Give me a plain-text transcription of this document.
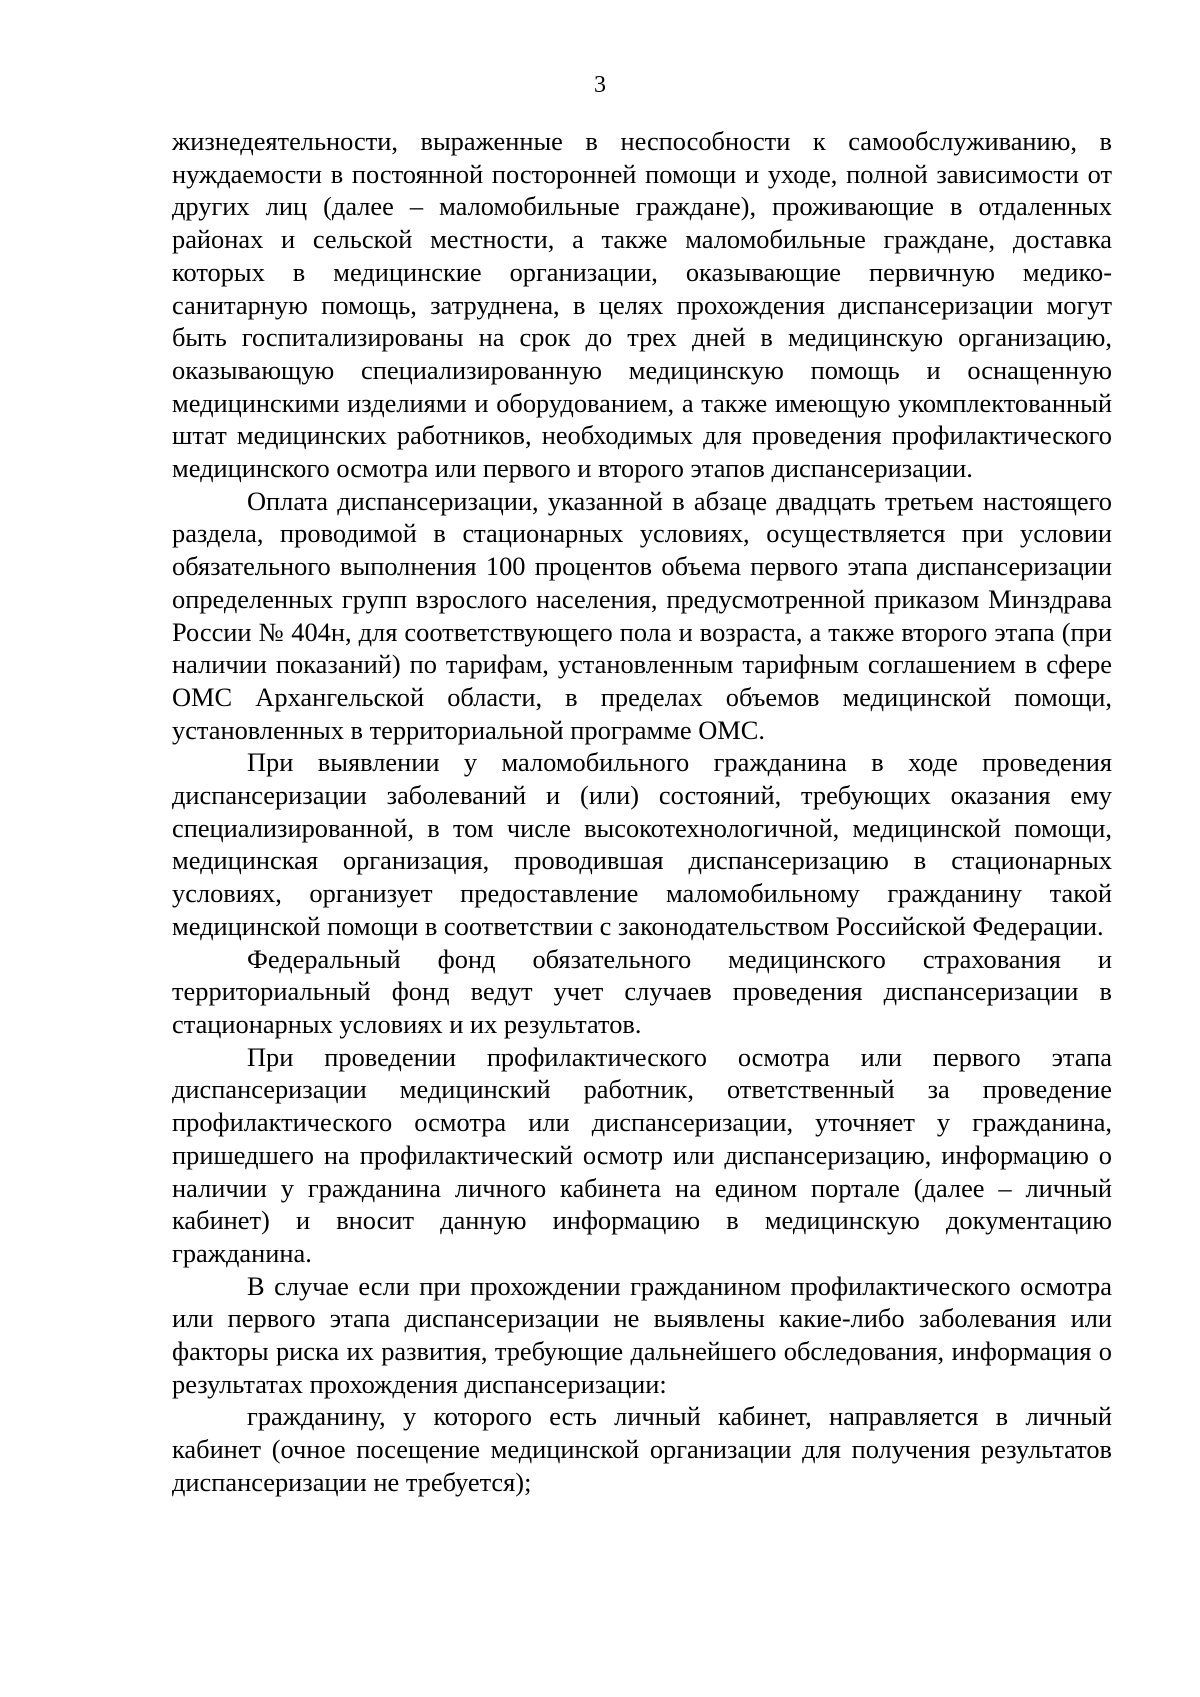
3

жизнедеятельности, выраженные в неспособности к самообслуживанию, в нуждаемости в постоянной посторонней помощи и уходе, полной зависимости от других лиц (далее – маломобильные граждане), проживающие в отдаленных районах и сельской местности, а также маломобильные граждане, доставка которых в медицинские организации, оказывающие первичную медико-санитарную помощь, затруднена, в целях прохождения диспансеризации могут быть госпитализированы на срок до трех дней в медицинскую организацию, оказывающую специализированную медицинскую помощь и оснащенную медицинскими изделиями и оборудованием, а также имеющую укомплектованный штат медицинских работников, необходимых для проведения профилактического медицинского осмотра или первого и второго этапов диспансеризации.

Оплата диспансеризации, указанной в абзаце двадцать третьем настоящего раздела, проводимой в стационарных условиях, осуществляется при условии обязательного выполнения 100 процентов объема первого этапа диспансеризации определенных групп взрослого населения, предусмотренной приказом Минздрава России № 404н, для соответствующего пола и возраста, а также второго этапа (при наличии показаний) по тарифам, установленным тарифным соглашением в сфере ОМС Архангельской области, в пределах объемов медицинской помощи, установленных в территориальной программе ОМС.

При выявлении у маломобильного гражданина в ходе проведения диспансеризации заболеваний и (или) состояний, требующих оказания ему специализированной, в том числе высокотехнологичной, медицинской помощи, медицинская организация, проводившая диспансеризацию в стационарных условиях, организует предоставление маломобильному гражданину такой медицинской помощи в соответствии с законодательством Российской Федерации.

Федеральный фонд обязательного медицинского страхования и территориальный фонд ведут учет случаев проведения диспансеризации в стационарных условиях и их результатов.

При проведении профилактического осмотра или первого этапа диспансеризации медицинский работник, ответственный за проведение профилактического осмотра или диспансеризации, уточняет у гражданина, пришедшего на профилактический осмотр или диспансеризацию, информацию о наличии у гражданина личного кабинета на едином портале (далее – личный кабинет) и вносит данную информацию в медицинскую документацию гражданина.

В случае если при прохождении гражданином профилактического осмотра или первого этапа диспансеризации не выявлены какие-либо заболевания или факторы риска их развития, требующие дальнейшего обследования, информация о результатах прохождения диспансеризации:

гражданину, у которого есть личный кабинет, направляется в личный кабинет (очное посещение медицинской организации для получения результатов диспансеризации не требуется);
